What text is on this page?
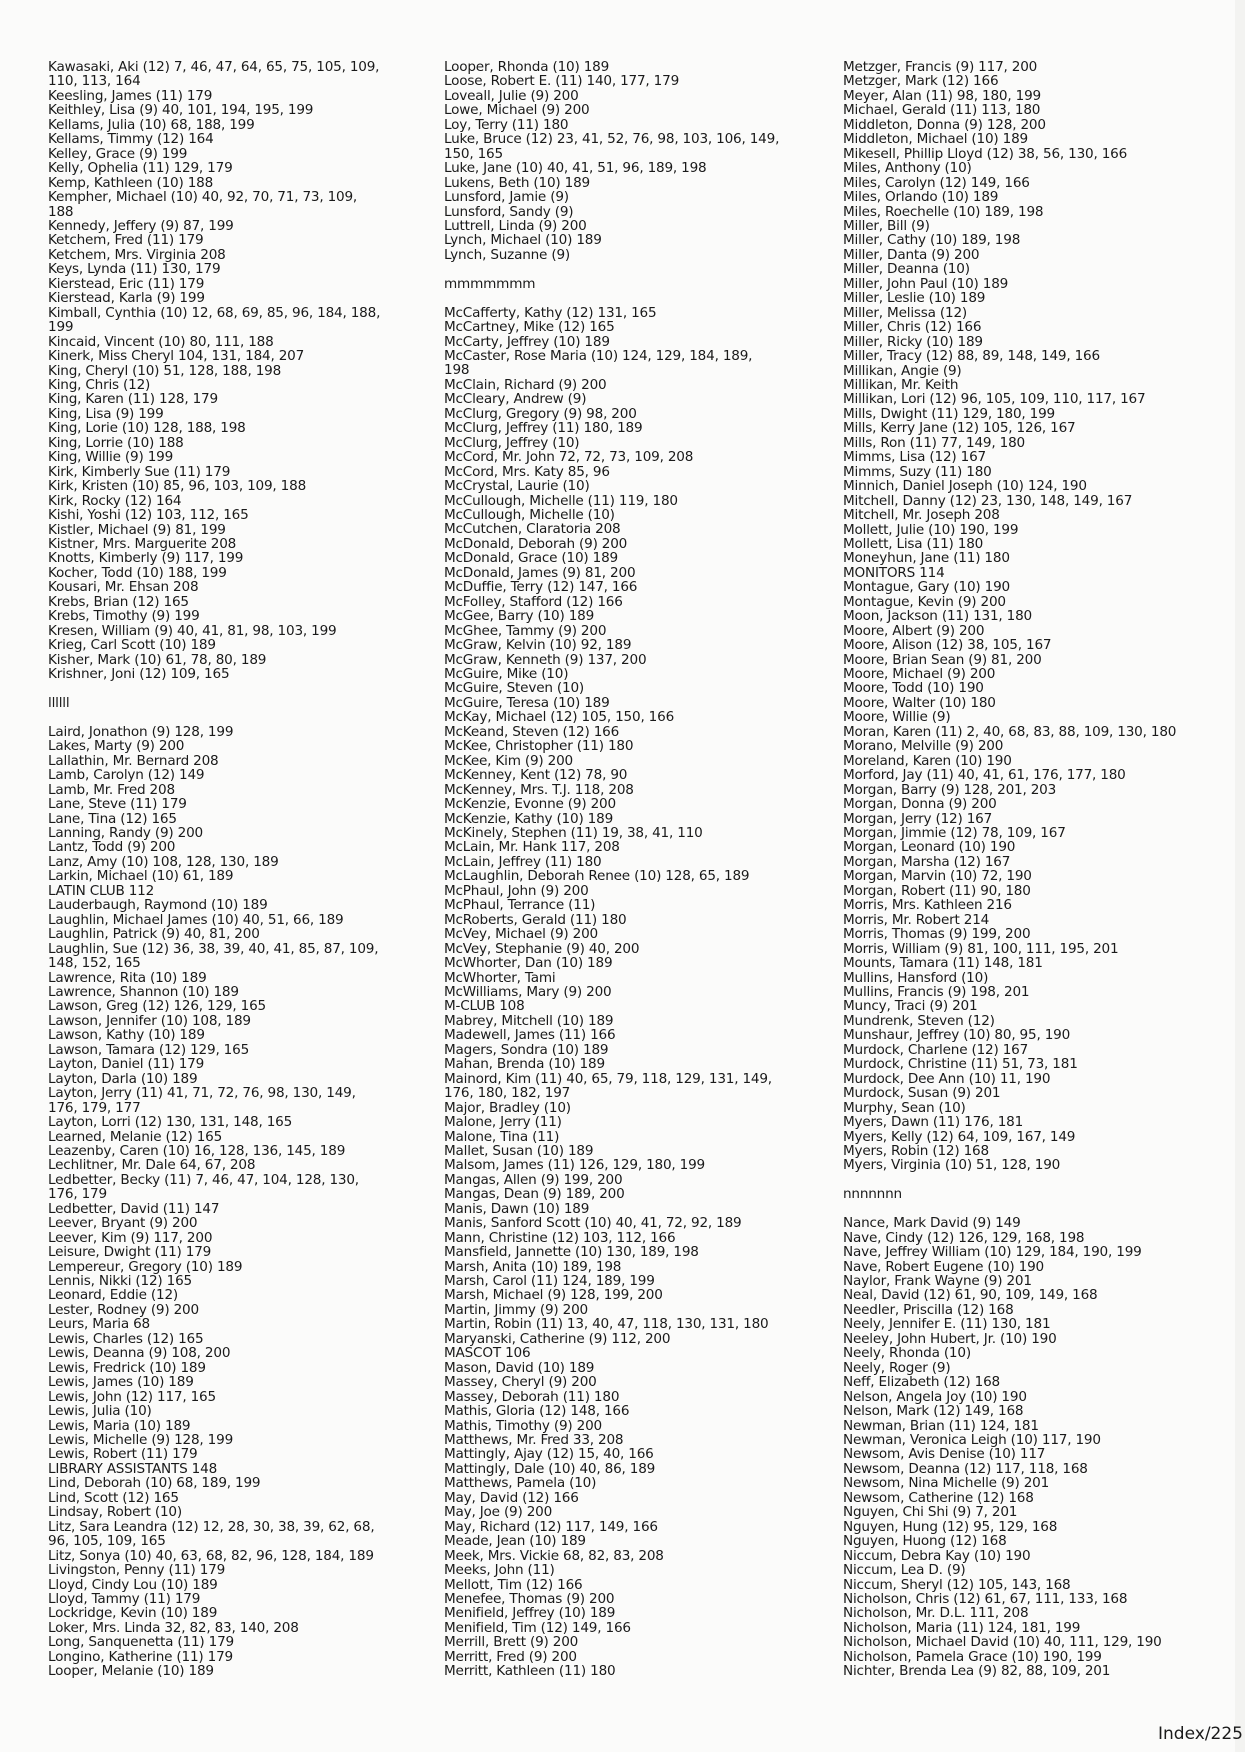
Kawasaki, Aki (12) 7, 46, 47, 64, 65, 75, 105, 109,
110, 113, 164
Keesling, James (11) 179
Keithley, Lisa (9) 40, 101, 194, 195, 199
Kellams, Julia (10) 68, 188, 199
Kellams, Timmy (12) 164
Kelley, Grace (9) 199
Kelly, Ophelia (11) 129, 179
Kemp, Kathleen (10) 188
Kempher, Michael (10) 40, 92, 70, 71, 73, 109,
188
Kennedy, Jeffery (9) 87, 199
Ketchem, Fred (11) 179
Ketchem, Mrs. Virginia 208
Keys, Lynda (11) 130, 179
Kierstead, Eric (11) 179
Kierstead, Karla (9) 199
Kimball, Cynthia (10) 12, 68, 69, 85, 96, 184, 188,
199
Kincaid, Vincent (10) 80, 111, 188
Kinerk, Miss Cheryl 104, 131, 184, 207
King, Cheryl (10) 51, 128, 188, 198
King, Chris (12)
King, Karen (11) 128, 179
King, Lisa (9) 199
King, Lorie (10) 128, 188, 198
King, Lorrie (10) 188
King, Willie (9) 199
Kirk, Kimberly Sue (11) 179
Kirk, Kristen (10) 85, 96, 103, 109, 188
Kirk, Rocky (12) 164
Kishi, Yoshi (12) 103, 112, 165
Kistler, Michael (9) 81, 199
Kistner, Mrs. Marguerite 208
Knotts, Kimberly (9) 117, 199
Kocher, Todd (10) 188, 199
Kousari, Mr. Ehsan 208
Krebs, Brian (12) 165
Krebs, Timothy (9) 199
Kresen, William (9) 40, 41, 81, 98, 103, 199
Krieg, Carl Scott (10) 189
Kisher, Mark (10) 61, 78, 80, 189
Krishner, Joni (12) 109, 165
llllll
Laird, Jonathon (9) 128, 199
Lakes, Marty (9) 200
Lallathin, Mr. Bernard 208
Lamb, Carolyn (12) 149
Lamb, Mr. Fred 208
Lane, Steve (11) 179
Lane, Tina (12) 165
Lanning, Randy (9) 200
Lantz, Todd (9) 200
Lanz, Amy (10) 108, 128, 130, 189
Larkin, Michael (10) 61, 189
LATIN CLUB 112
Lauderbaugh, Raymond (10) 189
Laughlin, Michael James (10) 40, 51, 66, 189
Laughlin, Patrick (9) 40, 81, 200
Laughlin, Sue (12) 36, 38, 39, 40, 41, 85, 87, 109,
148, 152, 165
Lawrence, Rita (10) 189
Lawrence, Shannon (10) 189
Lawson, Greg (12) 126, 129, 165
Lawson, Jennifer (10) 108, 189
Lawson, Kathy (10) 189
Lawson, Tamara (12) 129, 165
Layton, Daniel (11) 179
Layton, Darla (10) 189
Layton, Jerry (11) 41, 71, 72, 76, 98, 130, 149,
176, 179, 177
Layton, Lorri (12) 130, 131, 148, 165
Learned, Melanie (12) 165
Leazenby, Caren (10) 16, 128, 136, 145, 189
Lechlitner, Mr. Dale 64, 67, 208
Ledbetter, Becky (11) 7, 46, 47, 104, 128, 130,
176, 179
Ledbetter, David (11) 147
Leever, Bryant (9) 200
Leever, Kim (9) 117, 200
Leisure, Dwight (11) 179
Lempereur, Gregory (10) 189
Lennis, Nikki (12) 165
Leonard, Eddie (12)
Lester, Rodney (9) 200
Leurs, Maria 68
Lewis, Charles (12) 165
Lewis, Deanna (9) 108, 200
Lewis, Fredrick (10) 189
Lewis, James (10) 189
Lewis, John (12) 117, 165
Lewis, Julia (10)
Lewis, Maria (10) 189
Lewis, Michelle (9) 128, 199
Lewis, Robert (11) 179
LIBRARY ASSISTANTS 148
Lind, Deborah (10) 68, 189, 199
Lind, Scott (12) 165
Lindsay, Robert (10)
Litz, Sara Leandra (12) 12, 28, 30, 38, 39, 62, 68,
96, 105, 109, 165
Litz, Sonya (10) 40, 63, 68, 82, 96, 128, 184, 189
Livingston, Penny (11) 179
Lloyd, Cindy Lou (10) 189
Lloyd, Tammy (11) 179
Lockridge, Kevin (10) 189
Loker, Mrs. Linda 32, 82, 83, 140, 208
Long, Sanquenetta (11) 179
Longino, Katherine (11) 179
Looper, Melanie (10) 189
Looper, Rhonda (10) 189
Loose, Robert E. (11) 140, 177, 179
Loveall, Julie (9) 200
Lowe, Michael (9) 200
Loy, Terry (11) 180
Luke, Bruce (12) 23, 41, 52, 76, 98, 103, 106, 149,
150, 165
Luke, Jane (10) 40, 41, 51, 96, 189, 198
Lukens, Beth (10) 189
Lunsford, Jamie (9)
Lunsford, Sandy (9)
Luttrell, Linda (9) 200
Lynch, Michael (10) 189
Lynch, Suzanne (9)
mmmmmmm
McCafferty, Kathy (12) 131, 165
McCartney, Mike (12) 165
McCarty, Jeffrey (10) 189
McCaster, Rose Maria (10) 124, 129, 184, 189,
198
McClain, Richard (9) 200
McCleary, Andrew (9)
McClurg, Gregory (9) 98, 200
McClurg, Jeffrey (11) 180, 189
McClurg, Jeffrey (10)
McCord, Mr. John 72, 72, 73, 109, 208
McCord, Mrs. Katy 85, 96
McCrystal, Laurie (10)
McCullough, Michelle (11) 119, 180
McCullough, Michelle (10)
McCutchen, Claratoria 208
McDonald, Deborah (9) 200
McDonald, Grace (10) 189
McDonald, James (9) 81, 200
McDuffie, Terry (12) 147, 166
McFolley, Stafford (12) 166
McGee, Barry (10) 189
McGhee, Tammy (9) 200
McGraw, Kelvin (10) 92, 189
McGraw, Kenneth (9) 137, 200
McGuire, Mike (10)
McGuire, Steven (10)
McGuire, Teresa (10) 189
McKay, Michael (12) 105, 150, 166
McKeand, Steven (12) 166
McKee, Christopher (11) 180
McKee, Kim (9) 200
McKenney, Kent (12) 78, 90
McKenney, Mrs. T.J. 118, 208
McKenzie, Evonne (9) 200
McKenzie, Kathy (10) 189
McKinely, Stephen (11) 19, 38, 41, 110
McLain, Mr. Hank 117, 208
McLain, Jeffrey (11) 180
McLaughlin, Deborah Renee (10) 128, 65, 189
McPhaul, John (9) 200
McPhaul, Terrance (11)
McRoberts, Gerald (11) 180
McVey, Michael (9) 200
McVey, Stephanie (9) 40, 200
McWhorter, Dan (10) 189
McWhorter, Tami
McWilliams, Mary (9) 200
M-CLUB 108
Mabrey, Mitchell (10) 189
Madewell, James (11) 166
Magers, Sondra (10) 189
Mahan, Brenda (10) 189
Mainord, Kim (11) 40, 65, 79, 118, 129, 131, 149,
176, 180, 182, 197
Major, Bradley (10)
Malone, Jerry (11)
Malone, Tina (11)
Mallet, Susan (10) 189
Malsom, James (11) 126, 129, 180, 199
Mangas, Allen (9) 199, 200
Mangas, Dean (9) 189, 200
Manis, Dawn (10) 189
Manis, Sanford Scott (10) 40, 41, 72, 92, 189
Mann, Christine (12) 103, 112, 166
Mansfield, Jannette (10) 130, 189, 198
Marsh, Anita (10) 189, 198
Marsh, Carol (11) 124, 189, 199
Marsh, Michael (9) 128, 199, 200
Martin, Jimmy (9) 200
Martin, Robin (11) 13, 40, 47, 118, 130, 131, 180
Maryanski, Catherine (9) 112, 200
MASCOT 106
Mason, David (10) 189
Massey, Cheryl (9) 200
Massey, Deborah (11) 180
Mathis, Gloria (12) 148, 166
Mathis, Timothy (9) 200
Matthews, Mr. Fred 33, 208
Mattingly, Ajay (12) 15, 40, 166
Mattingly, Dale (10) 40, 86, 189
Matthews, Pamela (10)
May, David (12) 166
May, Joe (9) 200
May, Richard (12) 117, 149, 166
Meade, Jean (10) 189
Meek, Mrs. Vickie 68, 82, 83, 208
Meeks, John (11)
Mellott, Tim (12) 166
Menefee, Thomas (9) 200
Menifield, Jeffrey (10) 189
Menifield, Tim (12) 149, 166
Merrill, Brett (9) 200
Merritt, Fred (9) 200
Merritt, Kathleen (11) 180
Metzger, Francis (9) 117, 200
Metzger, Mark (12) 166
Meyer, Alan (11) 98, 180, 199
Michael, Gerald (11) 113, 180
Middleton, Donna (9) 128, 200
Middleton, Michael (10) 189
Mikesell, Phillip Lloyd (12) 38, 56, 130, 166
Miles, Anthony (10)
Miles, Carolyn (12) 149, 166
Miles, Orlando (10) 189
Miles, Roechelle (10) 189, 198
Miller, Bill (9)
Miller, Cathy (10) 189, 198
Miller, Danta (9) 200
Miller, Deanna (10)
Miller, John Paul (10) 189
Miller, Leslie (10) 189
Miller, Melissa (12)
Miller, Chris (12) 166
Miller, Ricky (10) 189
Miller, Tracy (12) 88, 89, 148, 149, 166
Millikan, Angie (9)
Millikan, Mr. Keith
Millikan, Lori (12) 96, 105, 109, 110, 117, 167
Mills, Dwight (11) 129, 180, 199
Mills, Kerry Jane (12) 105, 126, 167
Mills, Ron (11) 77, 149, 180
Mimms, Lisa (12) 167
Mimms, Suzy (11) 180
Minnich, Daniel Joseph (10) 124, 190
Mitchell, Danny (12) 23, 130, 148, 149, 167
Mitchell, Mr. Joseph 208
Mollett, Julie (10) 190, 199
Mollett, Lisa (11) 180
Moneyhun, Jane (11) 180
MONITORS 114
Montague, Gary (10) 190
Montague, Kevin (9) 200
Moon, Jackson (11) 131, 180
Moore, Albert (9) 200
Moore, Alison (12) 38, 105, 167
Moore, Brian Sean (9) 81, 200
Moore, Michael (9) 200
Moore, Todd (10) 190
Moore, Walter (10) 180
Moore, Willie (9)
Moran, Karen (11) 2, 40, 68, 83, 88, 109, 130, 180
Morano, Melville (9) 200
Moreland, Karen (10) 190
Morford, Jay (11) 40, 41, 61, 176, 177, 180
Morgan, Barry (9) 128, 201, 203
Morgan, Donna (9) 200
Morgan, Jerry (12) 167
Morgan, Jimmie (12) 78, 109, 167
Morgan, Leonard (10) 190
Morgan, Marsha (12) 167
Morgan, Marvin (10) 72, 190
Morgan, Robert (11) 90, 180
Morris, Mrs. Kathleen 216
Morris, Mr. Robert 214
Morris, Thomas (9) 199, 200
Morris, William (9) 81, 100, 111, 195, 201
Mounts, Tamara (11) 148, 181
Mullins, Hansford (10)
Mullins, Francis (9) 198, 201
Muncy, Traci (9) 201
Mundrenk, Steven (12)
Munshaur, Jeffrey (10) 80, 95, 190
Murdock, Charlene (12) 167
Murdock, Christine (11) 51, 73, 181
Murdock, Dee Ann (10) 11, 190
Murdock, Susan (9) 201
Murphy, Sean (10)
Myers, Dawn (11) 176, 181
Myers, Kelly (12) 64, 109, 167, 149
Myers, Robin (12) 168
Myers, Virginia (10) 51, 128, 190
nnnnnnn
Nance, Mark David (9) 149
Nave, Cindy (12) 126, 129, 168, 198
Nave, Jeffrey William (10) 129, 184, 190, 199
Nave, Robert Eugene (10) 190
Naylor, Frank Wayne (9) 201
Neal, David (12) 61, 90, 109, 149, 168
Needler, Priscilla (12) 168
Neely, Jennifer E. (11) 130, 181
Neeley, John Hubert, Jr. (10) 190
Neely, Rhonda (10)
Neely, Roger (9)
Neff, Elizabeth (12) 168
Nelson, Angela Joy (10) 190
Nelson, Mark (12) 149, 168
Newman, Brian (11) 124, 181
Newman, Veronica Leigh (10) 117, 190
Newsom, Avis Denise (10) 117
Newsom, Deanna (12) 117, 118, 168
Newsom, Nina Michelle (9) 201
Newsom, Catherine (12) 168
Nguyen, Chi Shi (9) 7, 201
Nguyen, Hung (12) 95, 129, 168
Nguyen, Huong (12) 168
Niccum, Debra Kay (10) 190
Niccum, Lea D. (9)
Niccum, Sheryl (12) 105, 143, 168
Nicholson, Chris (12) 61, 67, 111, 133, 168
Nicholson, Mr. D.L. 111, 208
Nicholson, Maria (11) 124, 181, 199
Nicholson, Michael David (10) 40, 111, 129, 190
Nicholson, Pamela Grace (10) 190, 199
Nichter, Brenda Lea (9) 82, 88, 109, 201
Index/225
